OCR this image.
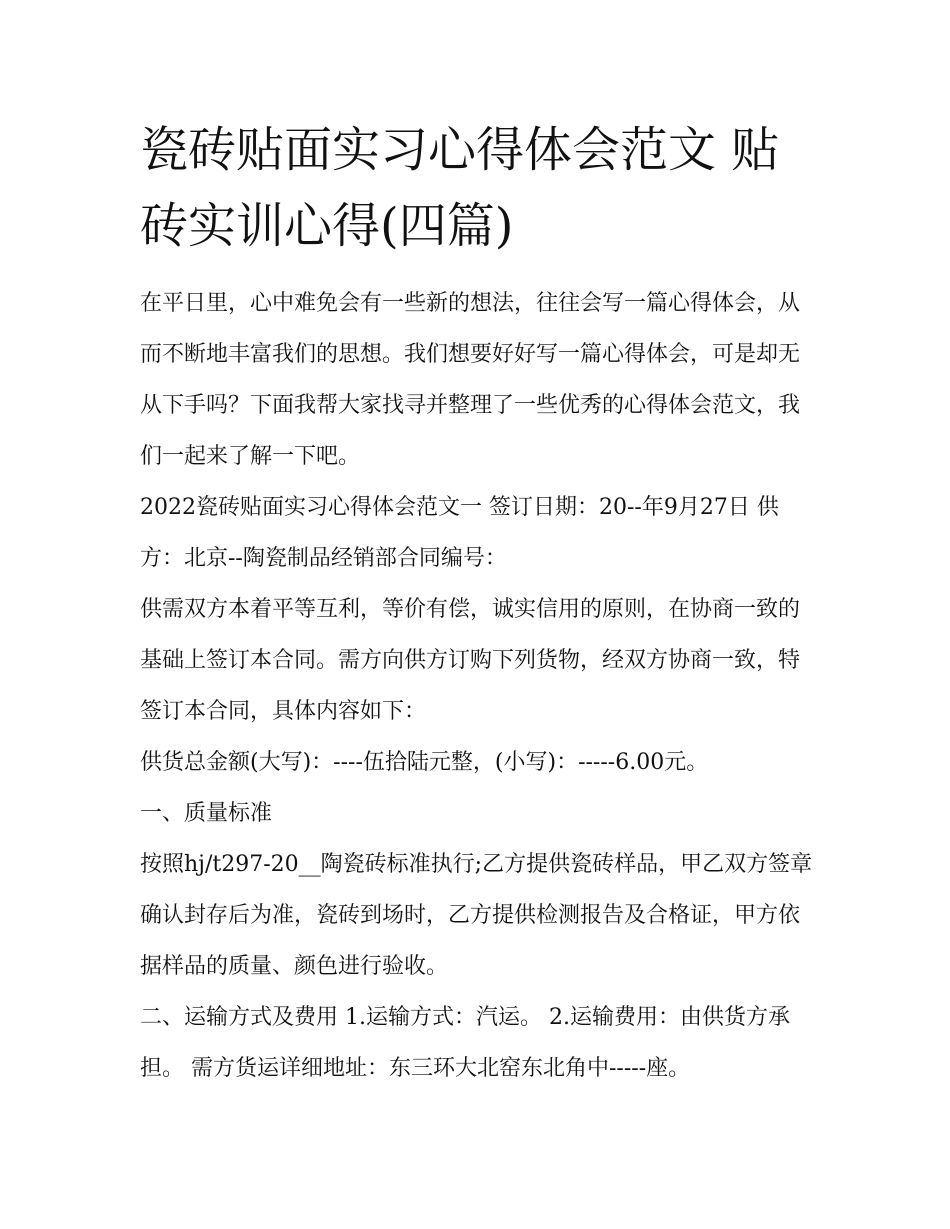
瓷砖贴面实习心得体会范文 贴砖实训心得(四篇)

在平日里，心中难免会有一些新的想法，往往会写一篇心得体会，从而不断地丰富我们的思想。我们想要好好写一篇心得体会，可是却无从下手吗？下面我帮大家找寻并整理了一些优秀的心得体会范文，我们一起来了解一下吧。

2022瓷砖贴面实习心得体会范文一 签订日期：20--年9月27日 供方：北京--陶瓷制品经销部合同编号：

供需双方本着平等互利，等价有偿，诚实信用的原则，在协商一致的基础上签订本合同。需方向供方订购下列货物，经双方协商一致，特签订本合同，具体内容如下：

供货总金额(大写)：----伍拾陆元整，(小写)：-----6.00元。

一、质量标准

按照hj/t297-20__陶瓷砖标准执行;乙方提供瓷砖样品，甲乙双方签章确认封存后为准，瓷砖到场时，乙方提供检测报告及合格证，甲方依据样品的质量、颜色进行验收。

二、运输方式及费用 1.运输方式：汽运。 2.运输费用：由供货方承担。 需方货运详细地址：东三环大北窑东北角中-----座。
